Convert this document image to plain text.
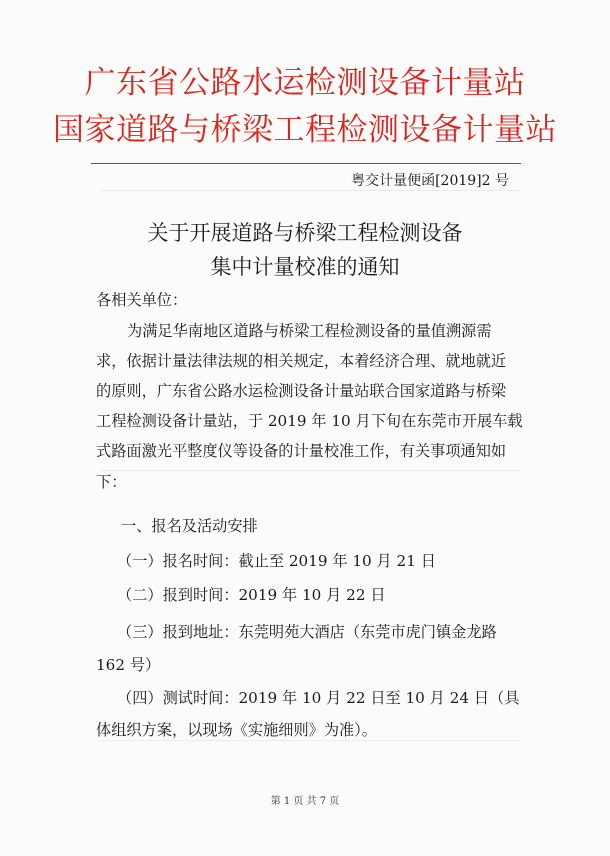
广东省公路水运检测设备计量站
国家道路与桥梁工程检测设备计量站
粤交计量便函[2019]2 号
关于开展道路与桥梁工程检测设备
集中计量校准的通知
各相关单位：
为满足华南地区道路与桥梁工程检测设备的量值溯源需
求，依据计量法律法规的相关规定，本着经济合理、就地就近
的原则，广东省公路水运检测设备计量站联合国家道路与桥梁
工程检测设备计量站，于 2019 年 10 月下旬在东莞市开展车载
式路面激光平整度仪等设备的计量校准工作，有关事项通知如
下：
一、报名及活动安排
（一）报名时间：截止至 2019 年 10 月 21 日
（二）报到时间：2019 年 10 月 22 日
（三）报到地址：东莞明苑大酒店（东莞市虎门镇金龙路
162 号）
（四）测试时间：2019 年 10 月 22 日至 10 月 24 日（具
体组织方案，以现场《实施细则》为准）。
第 1 页 共 7 页
